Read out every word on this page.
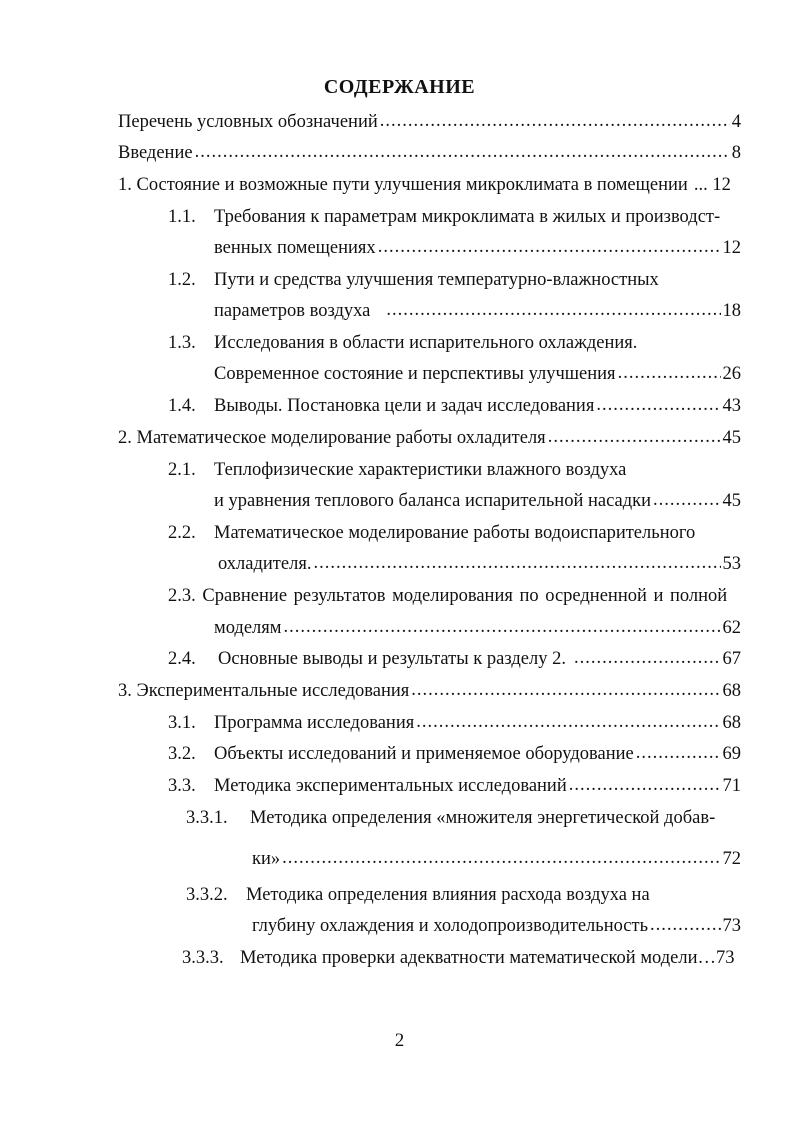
СОДЕРЖАНИЕ
Перечень условных обозначений .....	4
Введение .....	8
1. Состояние и возможные пути улучшения микроклимата в помещении ... 12
1.1. Требования к параметрам микроклимата в жилых и производст-
венных помещениях .....	12
1.2. Пути и средства улучшения температурно-влажностных
параметров воздуха .....	18
1.3. Исследования в области испарительного охлаждения.
Современное состояние и перспективы улучшения .....	26
1.4. Выводы. Постановка цели и задач исследования .....	43
2. Математическое моделирование работы охладителя .....	45
2.1. Теплофизические характеристики влажного воздуха
и уравнения теплового баланса испарительной насадки .....	45
2.2. Математическое моделирование работы водоиспарительного
охладителя. .....	53
2.3. Сравнение результатов моделирования по осредненной и полной
моделям .....	62
2.4.	Основные выводы и результаты к разделу 2. .....	67
3. Экспериментальные исследования .....	68
3.1. Программа исследования .....	68
3.2. Объекты исследований и применяемое оборудование .....	69
3.3. Методика экспериментальных исследований .....	71
3.3.1.	Методика определения «множителя энергетической добав-
ки» .....	72
3.3.2. Методика определения влияния расхода воздуха на
глубину охлаждения и холодопроизводительность .....	73
3.3.3. Методика проверки адекватности математической модели…73
2
